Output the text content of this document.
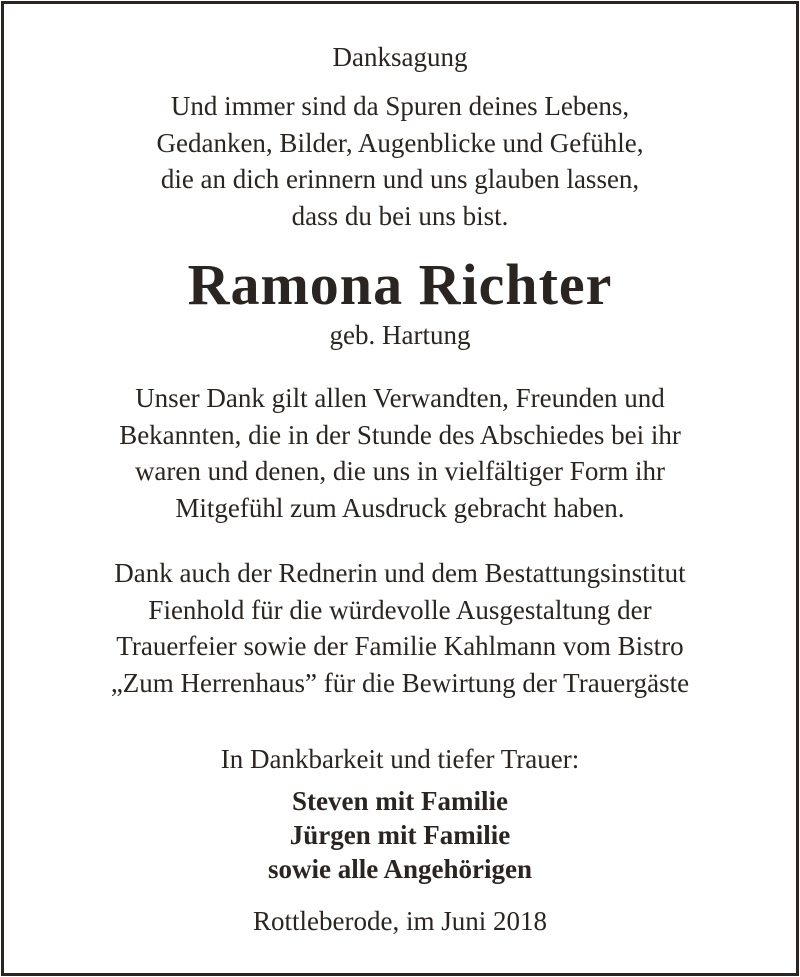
Danksagung
Und immer sind da Spuren deines Lebens,
Gedanken, Bilder, Augenblicke und Gefühle,
die an dich erinnern und uns glauben lassen,
dass du bei uns bist.
Ramona Richter
geb. Hartung
Unser Dank gilt allen Verwandten, Freunden und
Bekannten, die in der Stunde des Abschiedes bei ihr
waren und denen, die uns in vielfältiger Form ihr
Mitgefühl zum Ausdruck gebracht haben.
Dank auch der Rednerin und dem Bestattungsinstitut
Fienhold für die würdevolle Ausgestaltung der
Trauerfeier sowie der Familie Kahlmann vom Bistro
„Zum Herrenhaus” für die Bewirtung der Trauergäste
In Dankbarkeit und tiefer Trauer:
Steven mit Familie
Jürgen mit Familie
sowie alle Angehörigen
Rottleberode, im Juni 2018
